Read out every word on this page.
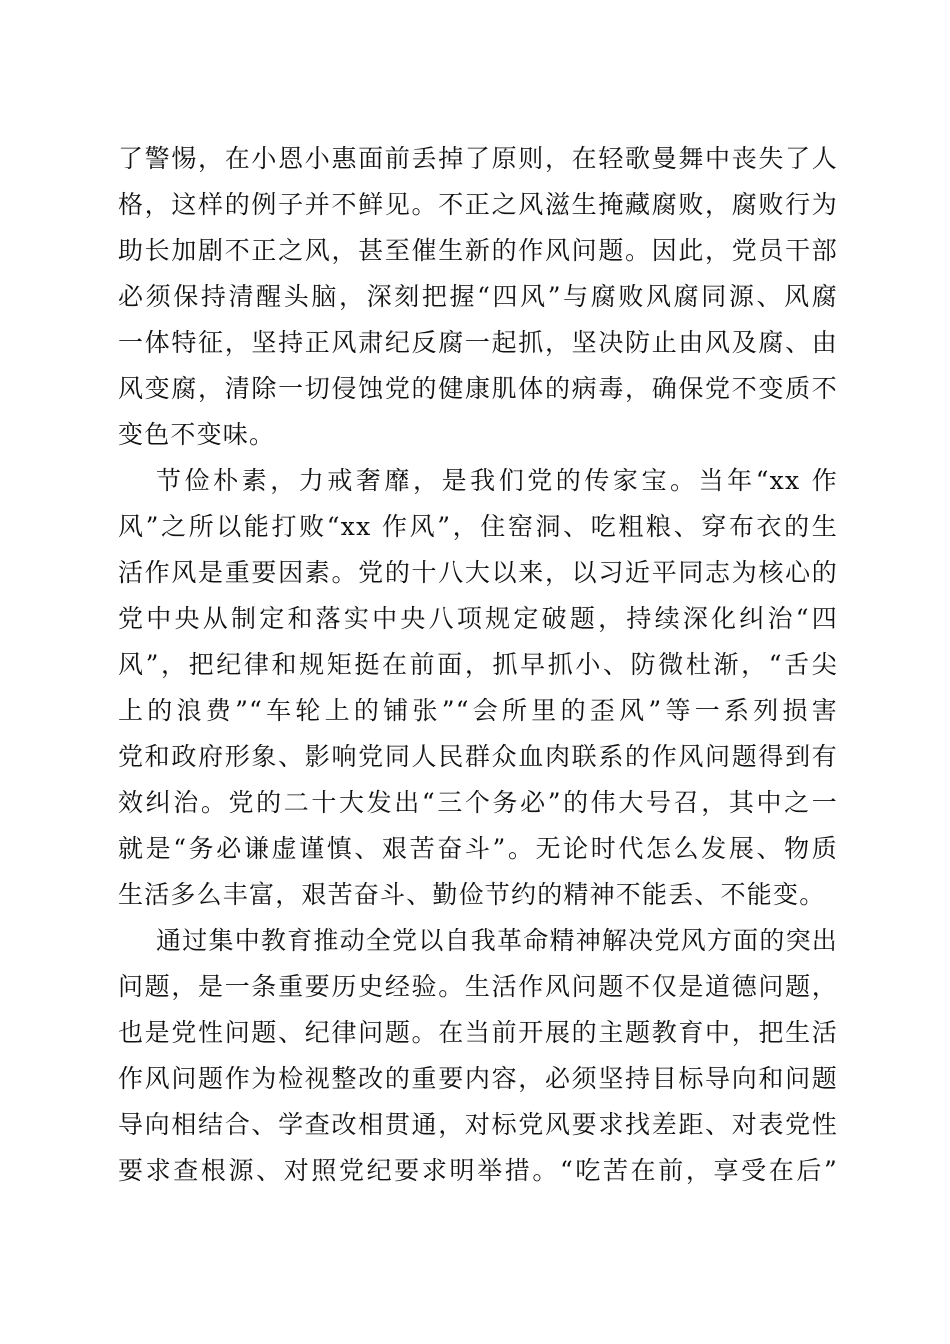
了警惕，在小恩小惠面前丢掉了原则，在轻歌曼舞中丧失了人
格，这样的例子并不鲜见。不正之风滋生掩藏腐败，腐败行为
助长加剧不正之风，甚至催生新的作风问题。因此，党员干部
必须保持清醒头脑，深刻把握“四风”与腐败风腐同源、风腐
一体特征，坚持正风肃纪反腐一起抓，坚决防止由风及腐、由
风变腐，清除一切侵蚀党的健康肌体的病毒，确保党不变质不
变色不变味。
节俭朴素，力戒奢靡，是我们党的传家宝。当年“xx 作
风”之所以能打败“xx 作风”，住窑洞、吃粗粮、穿布衣的生
活作风是重要因素。党的十八大以来，以习近平同志为核心的
党中央从制定和落实中央八项规定破题，持续深化纠治“四
风”，把纪律和规矩挺在前面，抓早抓小、防微杜渐，“舌尖
上的浪费”“车轮上的铺张”“会所里的歪风”等一系列损害
党和政府形象、影响党同人民群众血肉联系的作风问题得到有
效纠治。党的二十大发出“三个务必”的伟大号召，其中之一
就是“务必谦虚谨慎、艰苦奋斗”。无论时代怎么发展、物质
生活多么丰富，艰苦奋斗、勤俭节约的精神不能丢、不能变。
通过集中教育推动全党以自我革命精神解决党风方面的突出
问题，是一条重要历史经验。生活作风问题不仅是道德问题，
也是党性问题、纪律问题。在当前开展的主题教育中，把生活
作风问题作为检视整改的重要内容，必须坚持目标导向和问题
导向相结合、学查改相贯通，对标党风要求找差距、对表党性
要求查根源、对照党纪要求明举措。“吃苦在前，享受在后”
